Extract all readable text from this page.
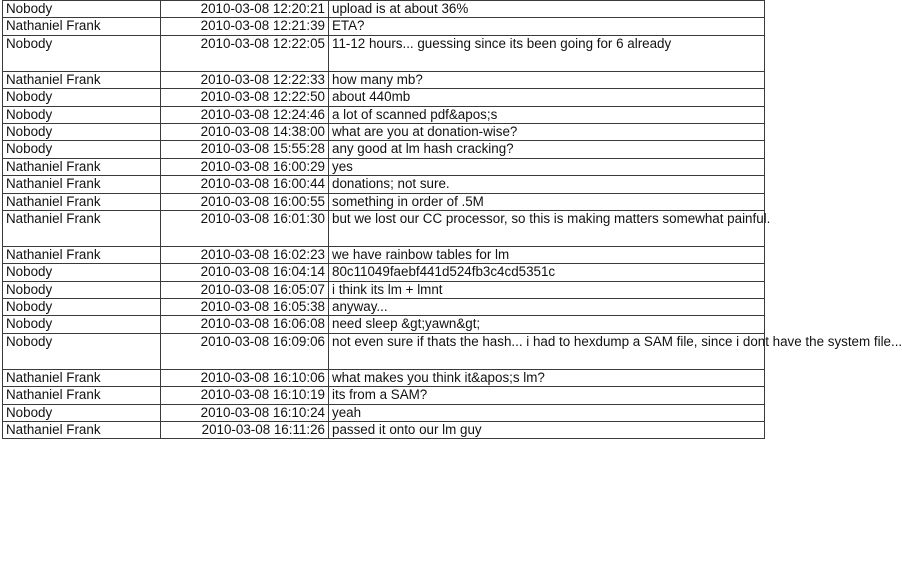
Nobody	2010-03-08 12:20:21	upload is at about 36%
Nathaniel Frank	2010-03-08 12:21:39	ETA?
Nobody	2010-03-08 12:22:05	11-12 hours... guessing since its been going for 6 already
Nathaniel Frank	2010-03-08 12:22:33	how many mb?
Nobody	2010-03-08 12:22:50	about 440mb
Nobody	2010-03-08 12:24:46	a lot of scanned pdf&apos;s
Nobody	2010-03-08 14:38:00	what are you at donation-wise?
Nobody	2010-03-08 15:55:28	any good at lm hash cracking?
Nathaniel Frank	2010-03-08 16:00:29	yes
Nathaniel Frank	2010-03-08 16:00:44	donations; not sure.
Nathaniel Frank	2010-03-08 16:00:55	something in order of .5M
Nathaniel Frank	2010-03-08 16:01:30	but we lost our CC processor, so this is making matters somewhat painful.
Nathaniel Frank	2010-03-08 16:02:23	we have rainbow tables for lm
Nobody	2010-03-08 16:04:14	80c11049faebf441d524fb3c4cd5351c
Nobody	2010-03-08 16:05:07	i think its lm + lmnt
Nobody	2010-03-08 16:05:38	anyway...
Nobody	2010-03-08 16:06:08	need sleep &gt;yawn&gt;
Nobody	2010-03-08 16:09:06	not even sure if thats the hash... i had to hexdump a SAM file, since i dont have the system file...
Nathaniel Frank	2010-03-08 16:10:06	what makes you think it&apos;s lm?
Nathaniel Frank	2010-03-08 16:10:19	its from a SAM?
Nobody	2010-03-08 16:10:24	yeah
Nathaniel Frank	2010-03-08 16:11:26	passed it onto our lm guy
